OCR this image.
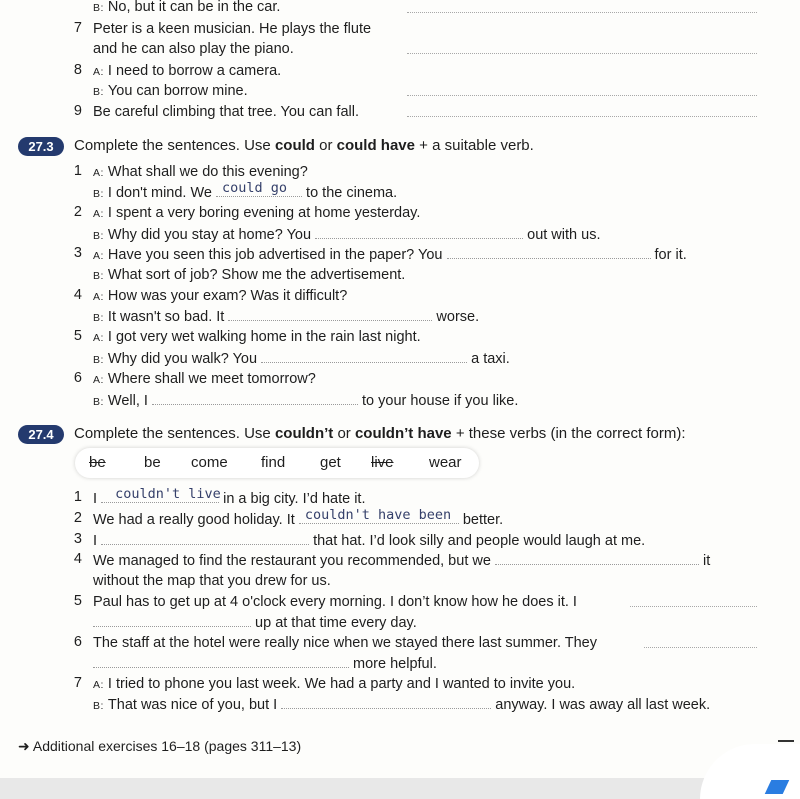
B: No, but it can be in the car.
7 Peter is a keen musician. He plays the flute
and he can also play the piano.
8 A: I need to borrow a camera.
B: You can borrow mine.
9 Be careful climbing that tree. You can fall.
27.3	Complete the sentences. Use could or could have + a suitable verb.
1 A: What shall we do this evening?
B: I don't mind. We could go to the cinema.
2 A: I spent a very boring evening at home yesterday.
B: Why did you stay at home? You	out with us.
3 A: Have you seen this job advertised in the paper? You	for it.
B: What sort of job? Show me the advertisement.
4 A: How was your exam? Was it difficult?
B: It wasn't so bad. It	worse.
5 A: I got very wet walking home in the rain last night.
B: Why did you walk? You	a taxi.
6 A: Where shall we meet tomorrow?
B: Well, I	to your house if you like.
27.4	Complete the sentences. Use couldn’t or couldn’t have + these verbs (in the correct form):
be	be come find get live wear
1 I couldn't live in a big city. I’d hate it.
2 We had a really good holiday. It couldn't have been better.
3 I	that hat. I’d look silly and people would laugh at me.
4 We managed to find the restaurant you recommended, but we	it
without the map that you drew for us.
5 Paul has to get up at 4 o'clock every morning. I don’t know how he does it. I
up at that time every day.
6 The staff at the hotel were really nice when we stayed there last summer. They
more helpful.
7 A: I tried to phone you last week. We had a party and I wanted to invite you.
B: That was nice of you, but I	anyway. I was away all last week.
➜ Additional exercises 16–18 (pages 311–13)
